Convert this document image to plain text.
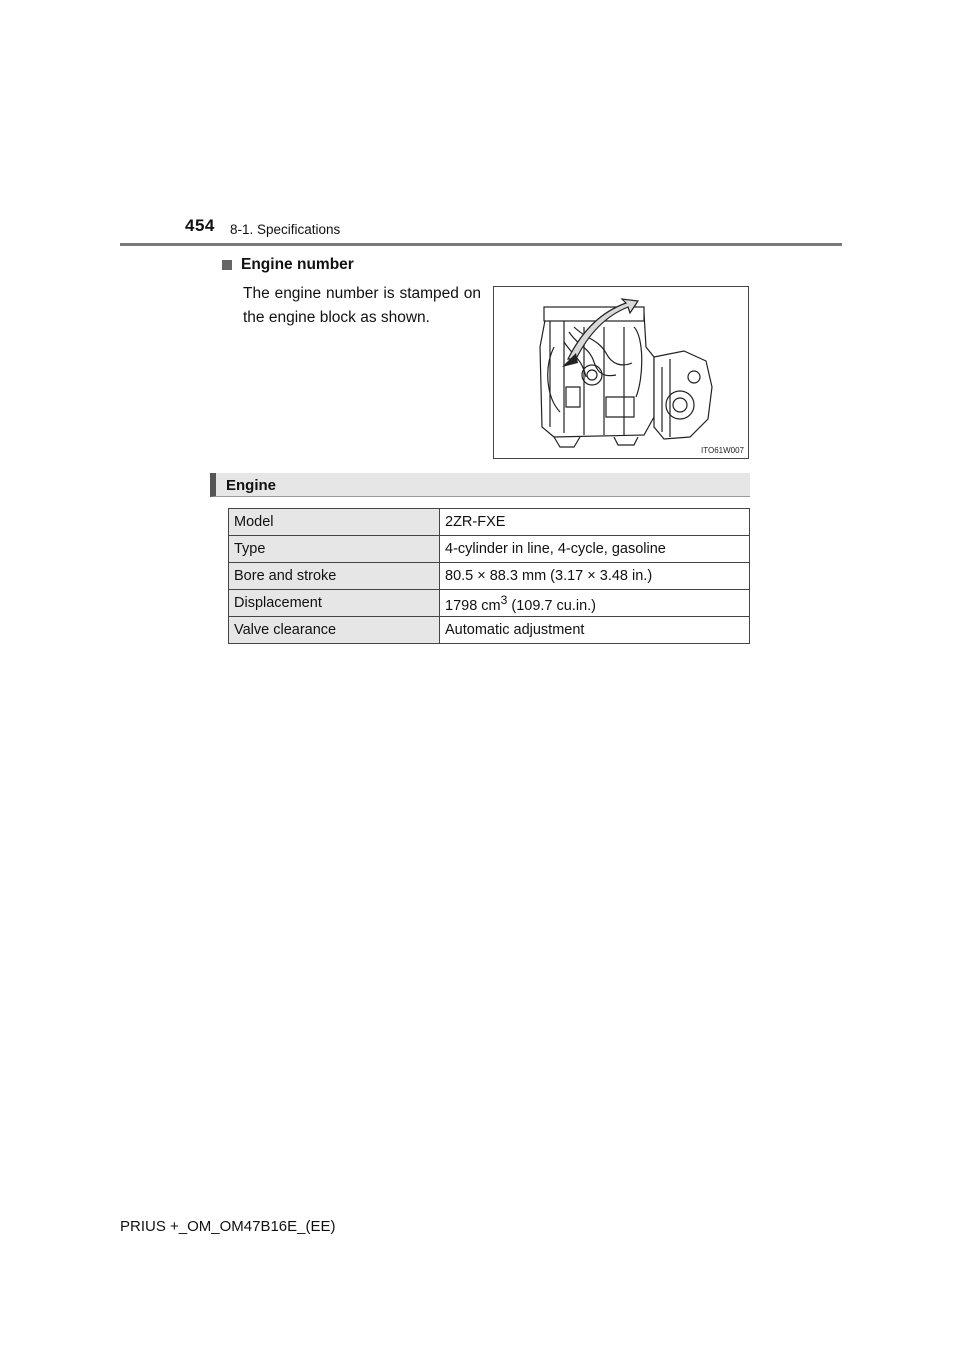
454 8-1. Specifications
Engine number
The engine number is stamped on the engine block as shown.
ITO61W007
Engine
Model	2ZR-FXE
Type	4-cylinder in line, 4-cycle, gasoline
Bore and stroke	80.5 × 88.3 mm (3.17 × 3.48 in.)
Displacement	1798 $cm^3$ (109.7 cu.in.)
Valve clearance	Automatic adjustment
PRIUS +_OM_OM47B16E_(EE)
